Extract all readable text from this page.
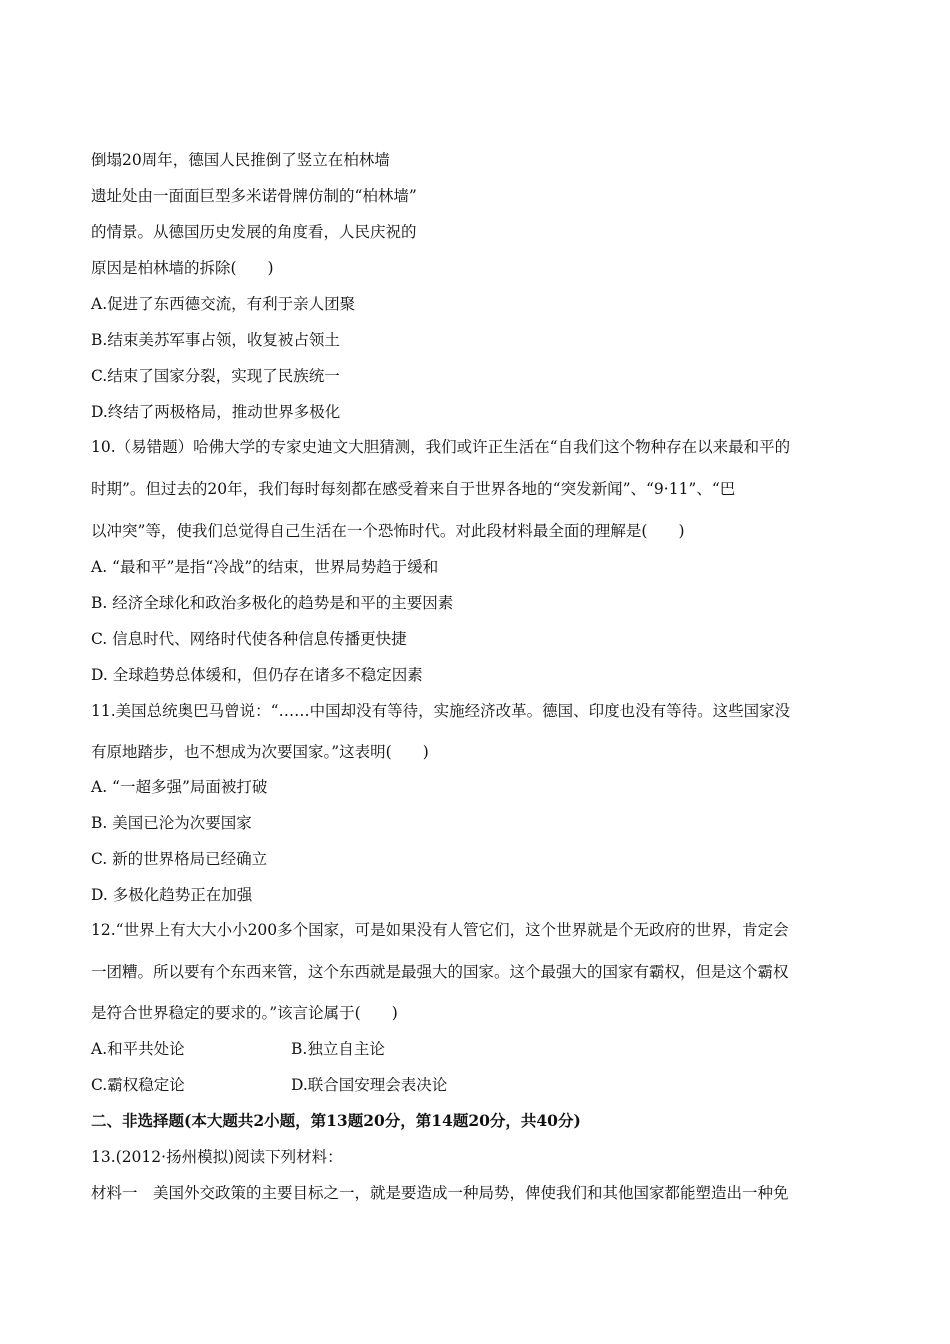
倒塌20周年，德国人民推倒了竖立在柏林墙
遗址处由一面面巨型多米诺骨牌仿制的“柏林墙”
的情景。从德国历史发展的角度看，人民庆祝的
原因是柏林墙的拆除(　　)
A.促进了东西德交流，有利于亲人团聚
B.结束美苏军事占领，收复被占领土
C.结束了国家分裂，实现了民族统一
D.终结了两极格局，推动世界多极化
10.（易错题）哈佛大学的专家史迪文大胆猜测，我们或许正生活在“自我们这个物种存在以来最和平的
时期”。但过去的20年，我们每时每刻都在感受着来自于世界各地的“突发新闻”、“9·11”、“巴
以冲突”等，使我们总觉得自己生活在一个恐怖时代。对此段材料最全面的理解是(　　)
A. “最和平”是指“冷战”的结束，世界局势趋于缓和
B. 经济全球化和政治多极化的趋势是和平的主要因素
C. 信息时代、网络时代使各种信息传播更快捷
D. 全球趋势总体缓和，但仍存在诸多不稳定因素
11.美国总统奥巴马曾说：“……中国却没有等待，实施经济改革。德国、印度也没有等待。这些国家没
有原地踏步，也不想成为次要国家。”这表明(　　)
A. “一超多强”局面被打破
B. 美国已沦为次要国家
C. 新的世界格局已经确立
D. 多极化趋势正在加强
12.“世界上有大大小小200多个国家，可是如果没有人管它们，这个世界就是个无政府的世界，肯定会
一团糟。所以要有个东西来管，这个东西就是最强大的国家。这个最强大的国家有霸权，但是这个霸权
是符合世界稳定的要求的。”该言论属于(　　)
A.和平共处论	B.独立自主论
C.霸权稳定论	D.联合国安理会表决论
二、非选择题(本大题共2小题，第13题20分，第14题20分，共40分)
13.(2012·扬州模拟)阅读下列材料：
材料一　美国外交政策的主要目标之一，就是要造成一种局势，俾使我们和其他国家都能塑造出一种免
